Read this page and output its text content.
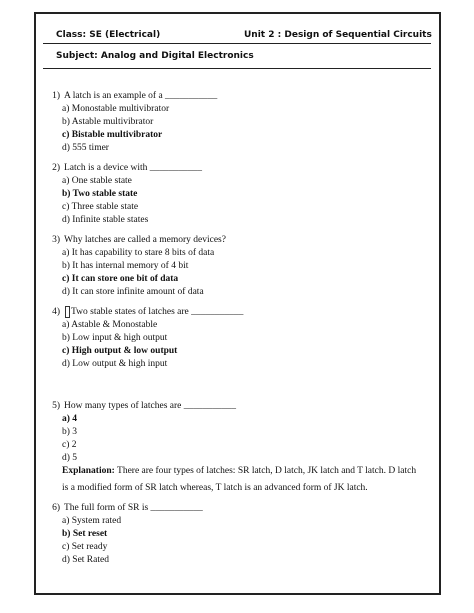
Class: SE (Electrical)	Unit 2 : Design of Sequential Circuits
Subject: Analog and Digital Electronics
1) A latch is an example of a ___________
a) Monostable multivibrator
b) Astable multivibrator
c) Bistable multivibrator
d) 555 timer
2) Latch is a device with ___________
a) One stable state
b) Two stable state
c) Three stable state
d) Infinite stable states
3) Why latches are called a memory devices?
a) It has capability to stare 8 bits of data
b) It has internal memory of 4 bit
c) It can store one bit of data
d) It can store infinite amount of data
4) Two stable states of latches are ___________
a) Astable & Monostable
b) Low input & high output
c) High output & low output
d) Low output & high input
5) How many types of latches are ___________
a) 4
b) 3
c) 2
d) 5
Explanation: There are four types of latches: SR latch, D latch, JK latch and T latch. D latch
is a modified form of SR latch whereas, T latch is an advanced form of JK latch.
6) The full form of SR is ___________
a) System rated
b) Set reset
c) Set ready
d) Set Rated
